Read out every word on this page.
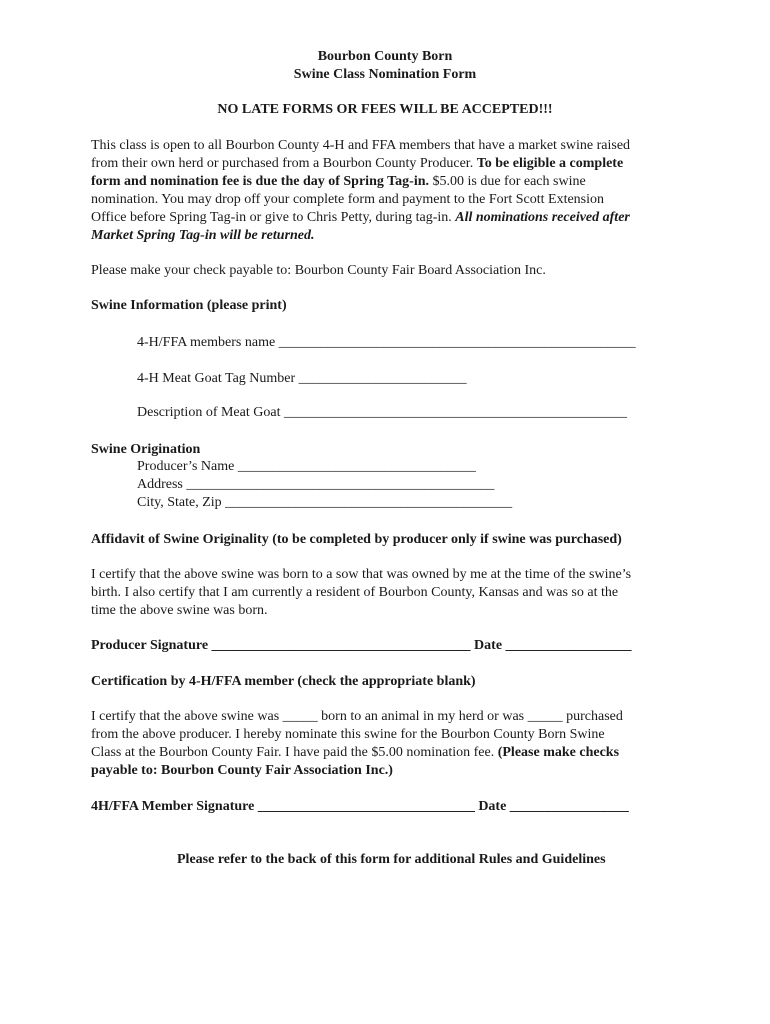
Bourbon County Born
Swine Class Nomination Form
NO LATE FORMS OR FEES WILL BE ACCEPTED!!!
This class is open to all Bourbon County 4-H and FFA members that have a market swine raised
from their own herd or purchased from a Bourbon County Producer. To be eligible a complete
form and nomination fee is due the day of Spring Tag-in. $5.00 is due for each swine
nomination. You may drop off your complete form and payment to the Fort Scott Extension
Office before Spring Tag-in or give to Chris Petty, during tag-in. All nominations received after
Market Spring Tag-in will be returned.
Please make your check payable to: Bourbon County Fair Board Association Inc.
Swine Information (please print)
4-H/FFA members name ___________________________________________________
4-H Meat Goat Tag Number ________________________
Description of Meat Goat _________________________________________________
Swine Origination
Producer’s Name __________________________________
Address ____________________________________________
City, State, Zip _________________________________________
Affidavit of Swine Originality (to be completed by producer only if swine was purchased)
I certify that the above swine was born to a sow that was owned by me at the time of the swine’s
birth. I also certify that I am currently a resident of Bourbon County, Kansas and was so at the
time the above swine was born.
Producer Signature _____________________________________ Date __________________
Certification by 4-H/FFA member (check the appropriate blank)
I certify that the above swine was _____ born to an animal in my herd or was _____ purchased
from the above producer. I hereby nominate this swine for the Bourbon County Born Swine
Class at the Bourbon County Fair. I have paid the $5.00 nomination fee. (Please make checks
payable to: Bourbon County Fair Association Inc.)
4H/FFA Member Signature _______________________________ Date _________________
Please refer to the back of this form for additional Rules and Guidelines
